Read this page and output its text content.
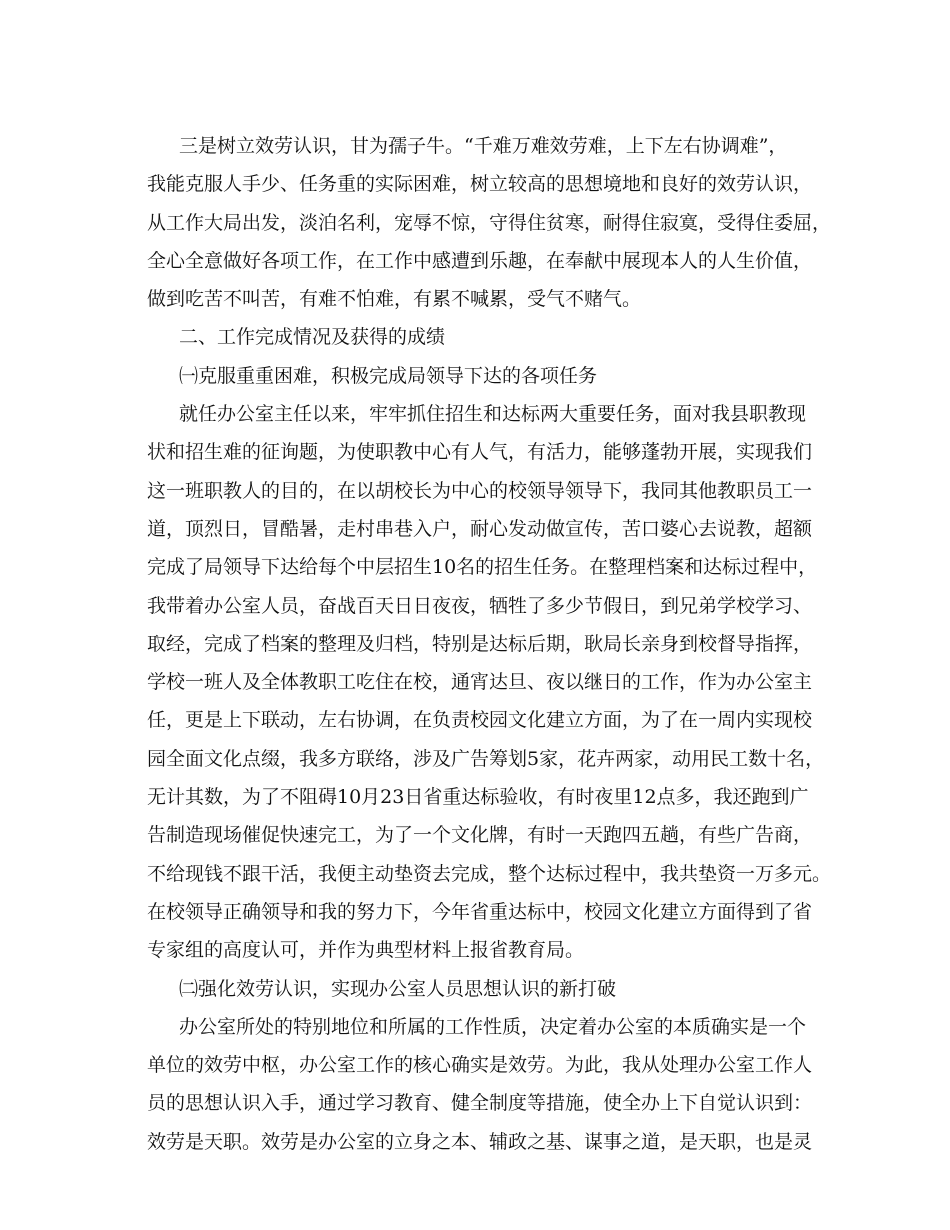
三是树立效劳认识，甘为孺子牛。“千难万难效劳难，上下左右协调难”，
我能克服人手少、任务重的实际困难，树立较高的思想境地和良好的效劳认识，
从工作大局出发，淡泊名利，宠辱不惊，守得住贫寒，耐得住寂寞，受得住委屈，
全心全意做好各项工作，在工作中感遭到乐趣，在奉献中展现本人的人生价值，
做到吃苦不叫苦，有难不怕难，有累不喊累，受气不赌气。
二、工作完成情况及获得的成绩
㈠克服重重困难，积极完成局领导下达的各项任务
就任办公室主任以来，牢牢抓住招生和达标两大重要任务，面对我县职教现
状和招生难的征询题，为使职教中心有人气，有活力，能够蓬勃开展，实现我们
这一班职教人的目的，在以胡校长为中心的校领导领导下，我同其他教职员工一
道，顶烈日，冒酷暑，走村串巷入户，耐心发动做宣传，苦口婆心去说教，超额
完成了局领导下达给每个中层招生10名的招生任务。在整理档案和达标过程中，
我带着办公室人员，奋战百天日日夜夜，牺牲了多少节假日，到兄弟学校学习、
取经，完成了档案的整理及归档，特别是达标后期，耿局长亲身到校督导指挥，
学校一班人及全体教职工吃住在校，通宵达旦、夜以继日的工作，作为办公室主
任，更是上下联动，左右协调，在负责校园文化建立方面，为了在一周内实现校
园全面文化点缀，我多方联络，涉及广告筹划5家，花卉两家，动用民工数十名，
无计其数，为了不阻碍10月23日省重达标验收，有时夜里12点多，我还跑到广
告制造现场催促快速完工，为了一个文化牌，有时一天跑四五趟，有些广告商，
不给现钱不跟干活，我便主动垫资去完成，整个达标过程中，我共垫资一万多元。
在校领导正确领导和我的努力下，今年省重达标中，校园文化建立方面得到了省
专家组的高度认可，并作为典型材料上报省教育局。
㈡强化效劳认识，实现办公室人员思想认识的新打破
办公室所处的特别地位和所属的工作性质，决定着办公室的本质确实是一个
单位的效劳中枢，办公室工作的核心确实是效劳。为此，我从处理办公室工作人
员的思想认识入手，通过学习教育、健全制度等措施，使全办上下自觉认识到：
效劳是天职。效劳是办公室的立身之本、辅政之基、谋事之道，是天职，也是灵
